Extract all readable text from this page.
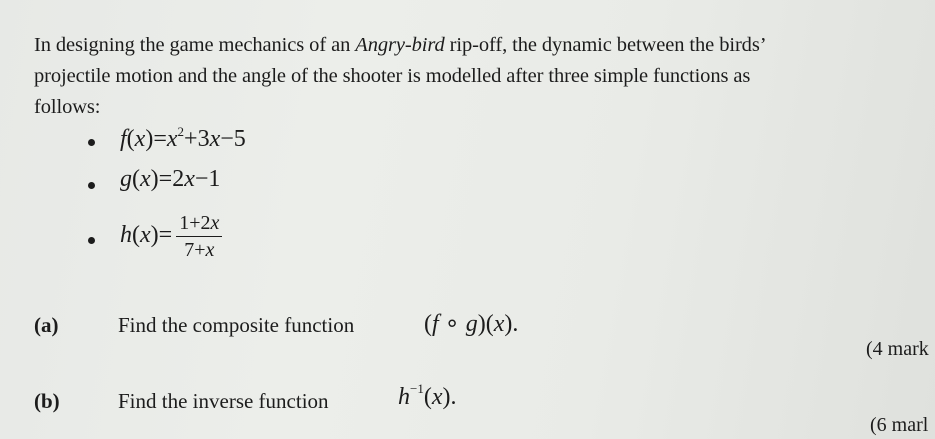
In designing the game mechanics of an Angry-bird rip-off, the dynamic between the birds’
projectile motion and the angle of the shooter is modelled after three simple functions as
follows:
$f(x)=x^2+3x-5$
g(x)=2x−1
$h(x)= \frac{1+2x}{7+x}$
(a)	Find the composite function	(f ∘ g)(x).
(4 mark
(b)	Find the inverse function	$h^{-1}(x)$.
(6 marl
